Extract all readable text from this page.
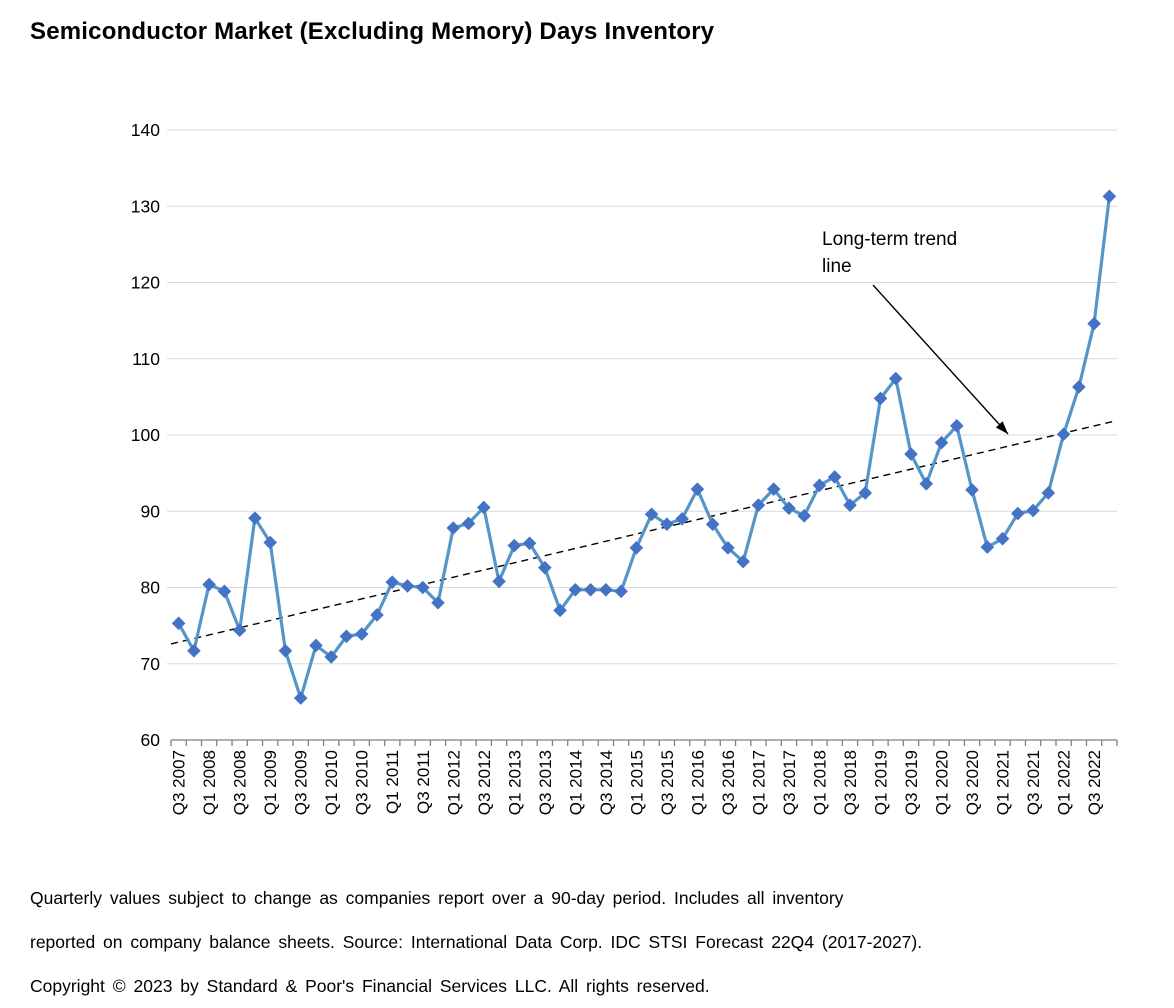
Semiconductor Market (Excluding Memory) Days Inventory
60
70
80
90
100
110
120
130
140
Q3 2007 Q1 2008 Q3 2008 Q1 2009 Q3 2009 Q1 2010 Q3 2010 Q1 2011 Q3 2011 Q1 2012 Q3 2012 Q1 2013 Q3 2013 Q1 2014 Q3 2014 Q1 2015 Q3 2015 Q1 2016 Q3 2016 Q1 2017 Q3 2017 Q1 2018 Q3 2018 Q1 2019 Q3 2019 Q1 2020 Q3 2020 Q1 2021 Q3 2021 Q1 2022 Q3 2022
Long-term trend
line
Quarterly values subject to change as companies report over a 90-day period. Includes all inventory
reported on company balance sheets. Source: International Data Corp. IDC STSI Forecast 22Q4 (2017-2027).
Copyright © 2023 by Standard & Poor's Financial Services LLC. All rights reserved.
